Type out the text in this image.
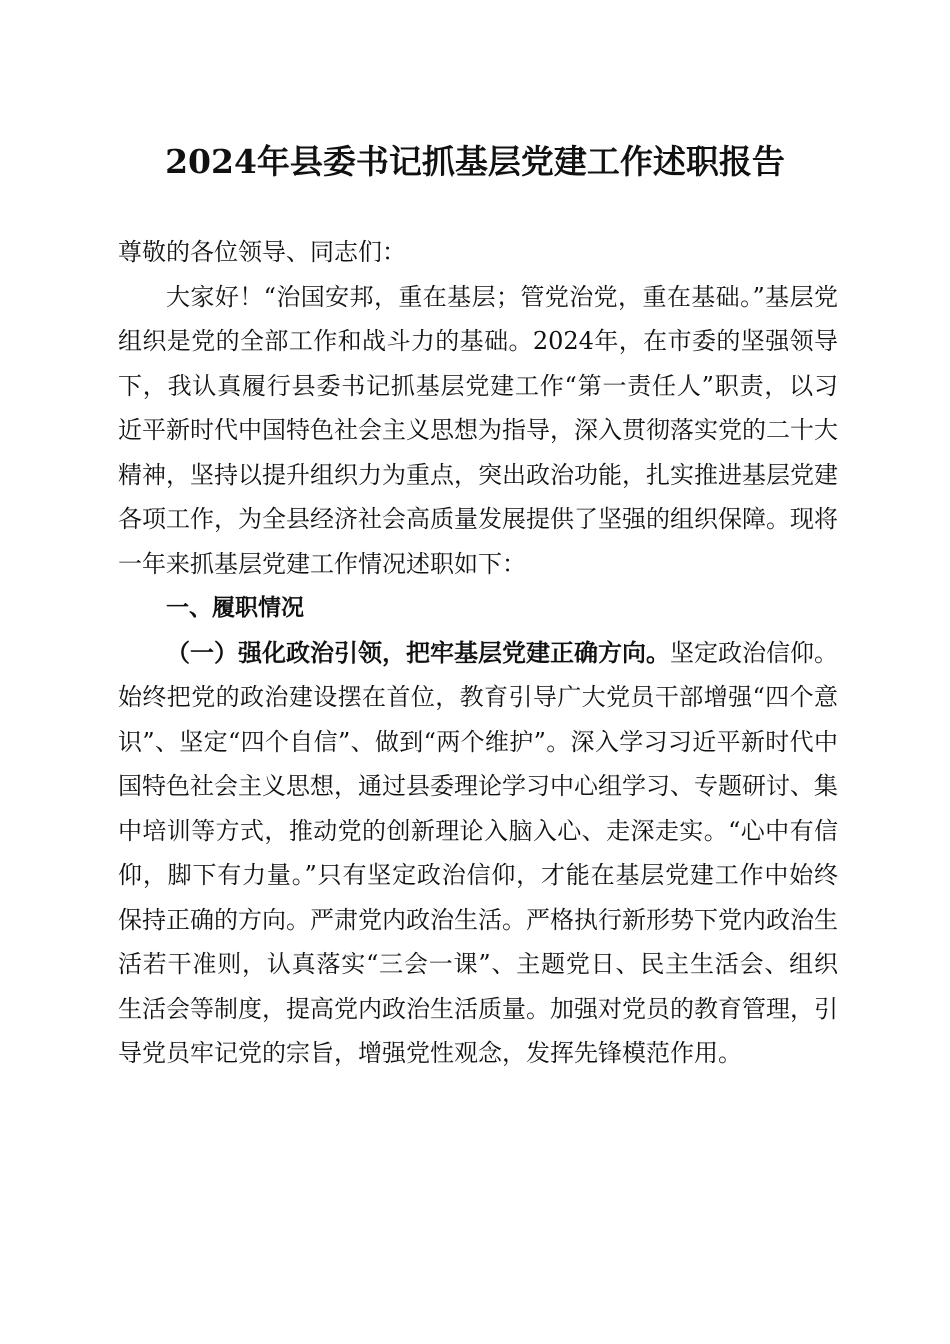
2024年县委书记抓基层党建工作述职报告

尊敬的各位领导、同志们：

大家好！“治国安邦，重在基层；管党治党，重在基础。”基层党组织是党的全部工作和战斗力的基础。2024年，在市委的坚强领导下，我认真履行县委书记抓基层党建工作“第一责任人”职责，以习近平新时代中国特色社会主义思想为指导，深入贯彻落实党的二十大精神，坚持以提升组织力为重点，突出政治功能，扎实推进基层党建各项工作，为全县经济社会高质量发展提供了坚强的组织保障。现将一年来抓基层党建工作情况述职如下：

一、履职情况

（一）强化政治引领，把牢基层党建正确方向。坚定政治信仰。始终把党的政治建设摆在首位，教育引导广大党员干部增强“四个意识”、坚定“四个自信”、做到“两个维护”。深入学习习近平新时代中国特色社会主义思想，通过县委理论学习中心组学习、专题研讨、集中培训等方式，推动党的创新理论入脑入心、走深走实。“心中有信仰，脚下有力量。”只有坚定政治信仰，才能在基层党建工作中始终保持正确的方向。严肃党内政治生活。严格执行新形势下党内政治生活若干准则，认真落实“三会一课”、主题党日、民主生活会、组织生活会等制度，提高党内政治生活质量。加强对党员的教育管理，引导党员牢记党的宗旨，增强党性观念，发挥先锋模范作用。
